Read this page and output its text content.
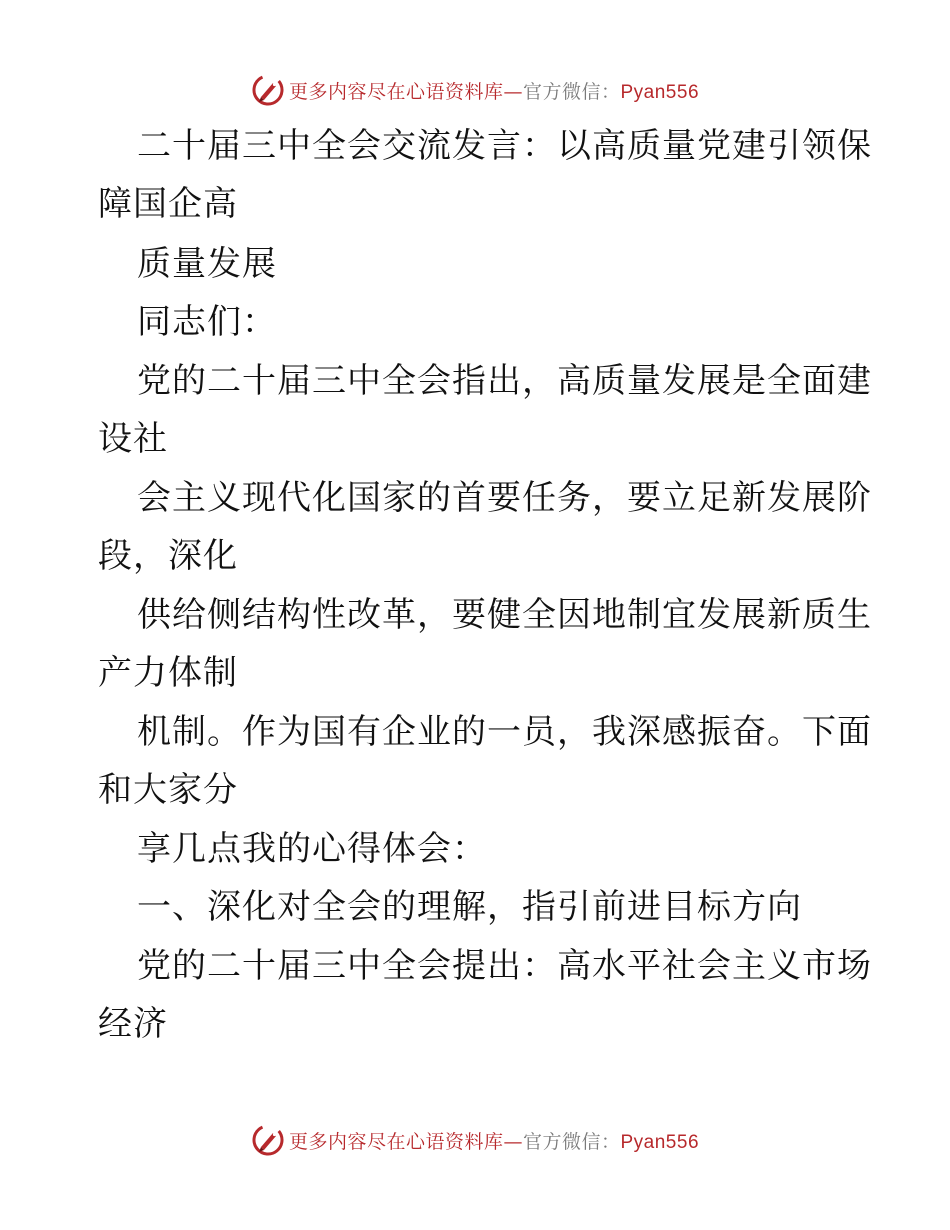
更多内容尽在心语资料库—官方微信：Pyan556
二十届三中全会交流发言：以高质量党建引领保
障国企高
质量发展
同志们：
党的二十届三中全会指出，高质量发展是全面建
设社
会主义现代化国家的首要任务，要立足新发展阶
段，深化
供给侧结构性改革，要健全因地制宜发展新质生
产力体制
机制。作为国有企业的一员，我深感振奋。下面
和大家分
享几点我的心得体会：
一、深化对全会的理解，指引前进目标方向
党的二十届三中全会提出：高水平社会主义市场
经济
更多内容尽在心语资料库—官方微信：Pyan556
